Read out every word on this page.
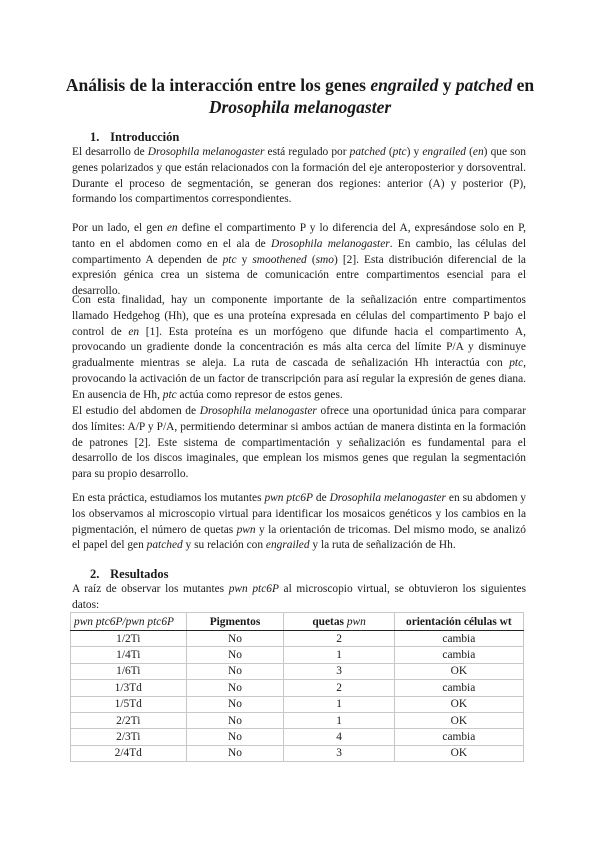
Análisis de la interacción entre los genes engrailed y patched en
Drosophila melanogaster
1. Introducción

El desarrollo de Drosophila melanogaster está regulado por patched (ptc) y engrailed (en) que son genes polarizados y que están relacionados con la formación del eje anteroposterior y dorsoventral. Durante el proceso de segmentación, se generan dos regiones: anterior (A) y posterior (P), formando los compartimentos correspondientes.

Por un lado, el gen en define el compartimento P y lo diferencia del A, expresándose solo en P, tanto en el abdomen como en el ala de Drosophila melanogaster. En cambio, las células del compartimento A dependen de ptc y smoothened (smo) [2]. Esta distribución diferencial de la expresión génica crea un sistema de comunicación entre compartimentos esencial para el desarrollo.

Con esta finalidad, hay un componente importante de la señalización entre compartimentos llamado Hedgehog (Hh), que es una proteína expresada en células del compartimento P bajo el control de en [1]. Esta proteína es un morfógeno que difunde hacia el compartimento A, provocando un gradiente donde la concentración es más alta cerca del límite P/A y disminuye gradualmente mientras se aleja. La ruta de cascada de señalización Hh interactúa con ptc, provocando la activación de un factor de transcripción para así regular la expresión de genes diana. En ausencia de Hh, ptc actúa como represor de estos genes.

El estudio del abdomen de Drosophila melanogaster ofrece una oportunidad única para comparar dos límites: A/P y P/A, permitiendo determinar si ambos actúan de manera distinta en la formación de patrones [2]. Este sistema de compartimentación y señalización es fundamental para el desarrollo de los discos imaginales, que emplean los mismos genes que regulan la segmentación para su propio desarrollo.

En esta práctica, estudiamos los mutantes pwn ptc6P de Drosophila melanogaster en su abdomen y los observamos al microscopio virtual para identificar los mosaicos genéticos y los cambios en la pigmentación, el número de quetas pwn y la orientación de tricomas. Del mismo modo, se analizó el papel del gen patched y su relación con engrailed y la ruta de señalización de Hh.

2. Resultados

A raíz de observar los mutantes pwn ptc6P al microscopio virtual, se obtuvieron los siguientes datos:

pwn ptc6P/pwn ptc6P	Pigmentos	quetas pwn	orientación células wt
1/2Ti	No	2	cambia
1/4Ti	No	1	cambia
1/6Ti	No	3	OK
1/3Td	No	2	cambia
1/5Td	No	1	OK
2/2Ti	No	1	OK
2/3Ti	No	4	cambia
2/4Td	No	3	OK
